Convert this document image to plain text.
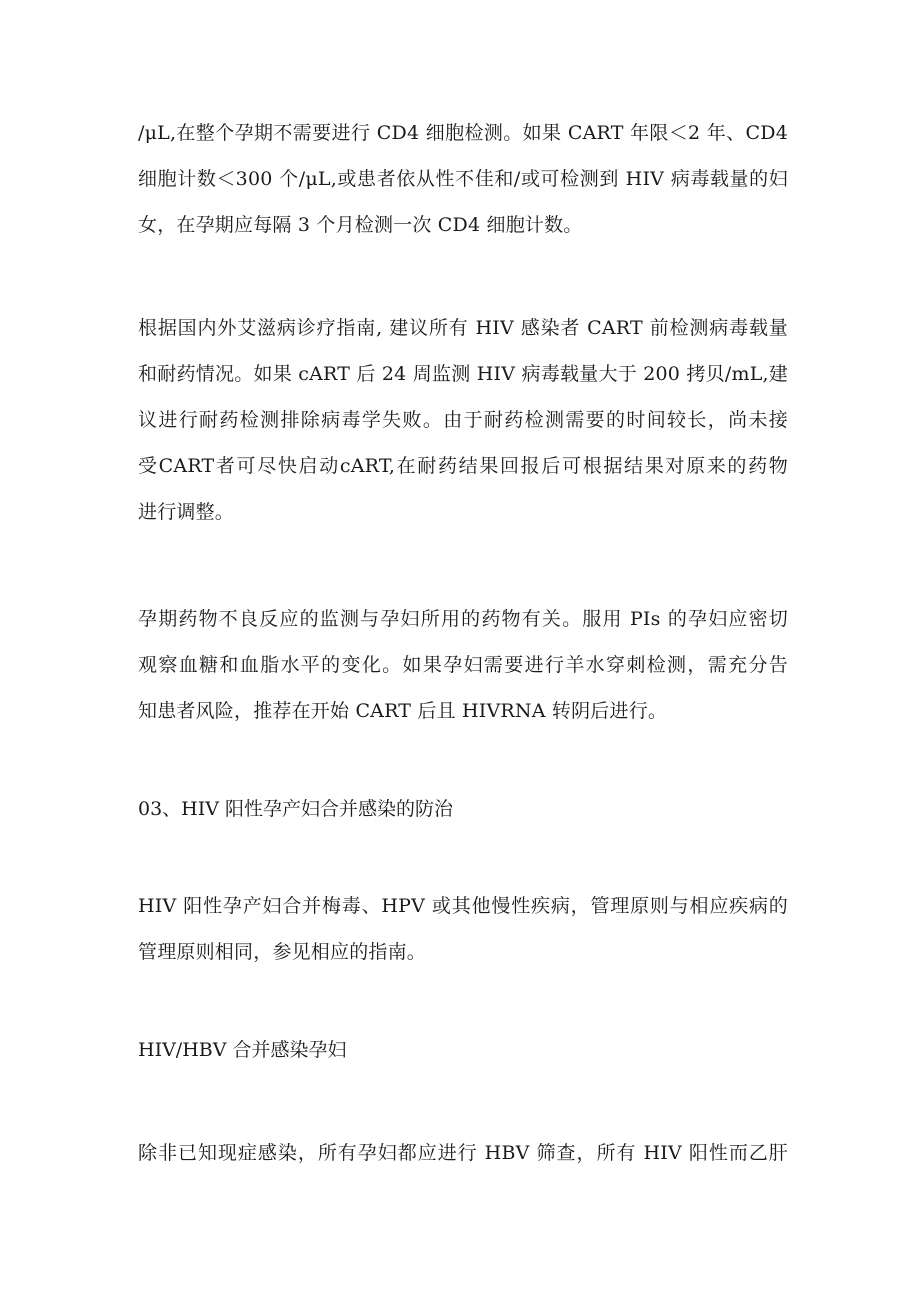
/μL,在整个孕期不需要进行 CD4 细胞检测。如果 CART 年限＜2 年、CD4
细胞计数＜300 个/μL,或患者依从性不佳和/或可检测到 HIV 病毒载量的妇
女，在孕期应每隔 3 个月检测一次 CD4 细胞计数。

根据国内外艾滋病诊疗指南, 建议所有 HIV 感染者 CART 前检测病毒载量
和耐药情况。如果 cART 后 24 周监测 HIV 病毒载量大于 200 拷贝/mL,建
议进行耐药检测排除病毒学失败。由于耐药检测需要的时间较长，尚未接
受CART者可尽快启动cART,在耐药结果回报后可根据结果对原来的药物
进行调整。

孕期药物不良反应的监测与孕妇所用的药物有关。服用 PIs 的孕妇应密切
观察血糖和血脂水平的变化。如果孕妇需要进行羊水穿刺检测，需充分告
知患者风险，推荐在开始 CART 后且 HIVRNA 转阴后进行。

03、HIV 阳性孕产妇合并感染的防治

HIV 阳性孕产妇合并梅毒、HPV 或其他慢性疾病，管理原则与相应疾病的
管理原则相同，参见相应的指南。

HIV/HBV 合并感染孕妇

除非已知现症感染，所有孕妇都应进行 HBV 筛查，所有 HIV 阳性而乙肝
